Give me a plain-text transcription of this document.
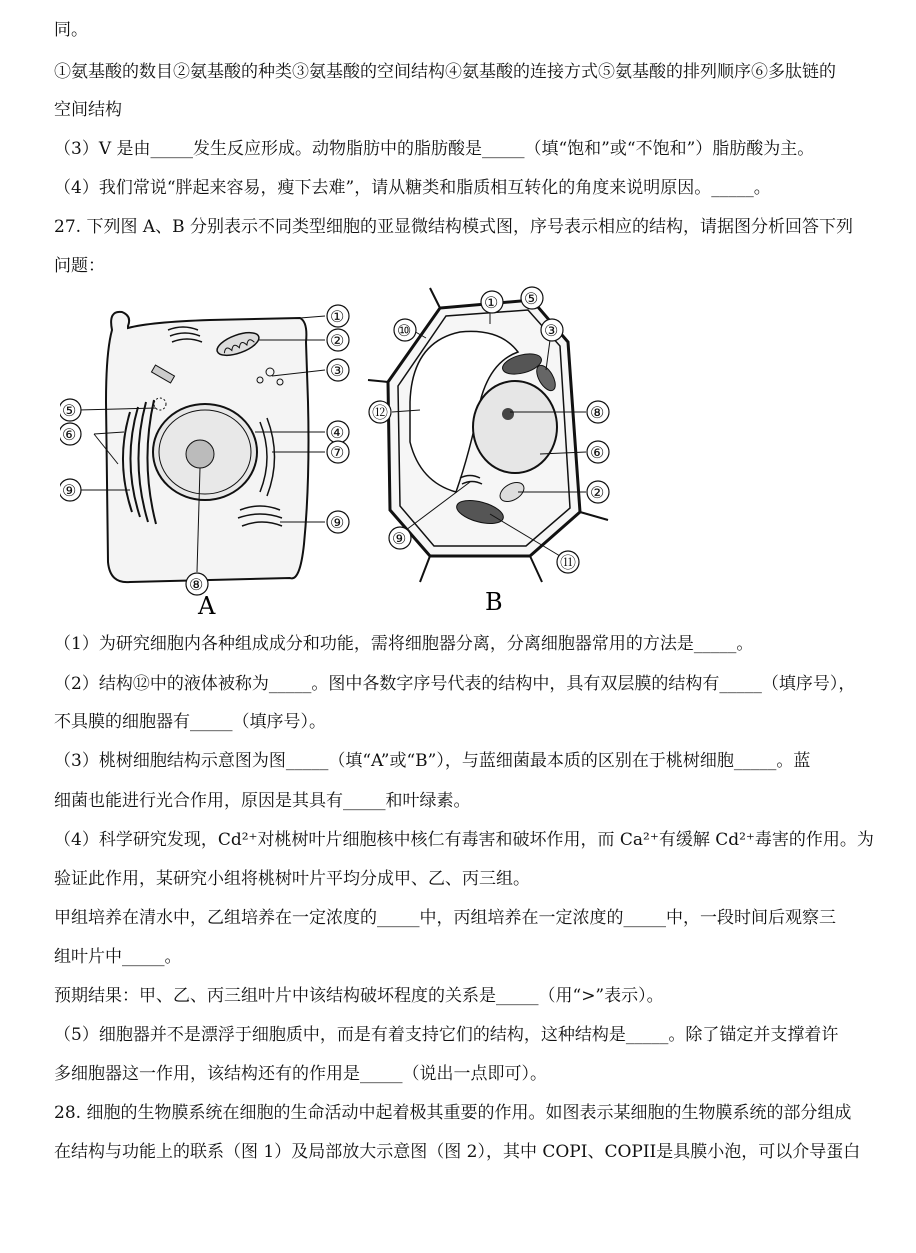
同。
①氨基酸的数目②氨基酸的种类③氨基酸的空间结构④氨基酸的连接方式⑤氨基酸的排列顺序⑥多肽链的
空间结构
（3）V 是由_____发生反应形成。动物脂肪中的脂肪酸是_____（填“饱和”或“不饱和”）脂肪酸为主。
（4）我们常说“胖起来容易，瘦下去难”，请从糖类和脂质相互转化的角度来说明原因。_____。
27. 下列图 A、B 分别表示不同类型细胞的亚显微结构模式图，序号表示相应的结构，请据图分析回答下列
问题：
①
②
③
⑤
⑥
⑨
④
⑦
⑨
⑧
A
① ⑤
③
⑩
⑫	⑧
⑥
②
⑨
⑪
B
（1）为研究细胞内各种组成成分和功能，需将细胞器分离，分离细胞器常用的方法是_____。
（2）结构⑫中的液体被称为_____。图中各数字序号代表的结构中，具有双层膜的结构有_____（填序号），
不具膜的细胞器有_____（填序号）。
（3）桃树细胞结构示意图为图_____（填“A”或“B”），与蓝细菌最本质的区别在于桃树细胞_____。蓝
细菌也能进行光合作用，原因是其具有_____和叶绿素。
（4）科学研究发现，Cd²⁺对桃树叶片细胞核中核仁有毒害和破坏作用，而 Ca²⁺有缓解 Cd²⁺毒害的作用。为
验证此作用，某研究小组将桃树叶片平均分成甲、乙、丙三组。
甲组培养在清水中，乙组培养在一定浓度的_____中，丙组培养在一定浓度的_____中，一段时间后观察三
组叶片中_____。
预期结果：甲、乙、丙三组叶片中该结构破坏程度的关系是_____（用“>”表示）。
（5）细胞器并不是漂浮于细胞质中，而是有着支持它们的结构，这种结构是_____。除了锚定并支撑着许
多细胞器这一作用，该结构还有的作用是_____（说出一点即可）。
28. 细胞的生物膜系统在细胞的生命活动中起着极其重要的作用。如图表示某细胞的生物膜系统的部分组成
在结构与功能上的联系（图 1）及局部放大示意图（图 2），其中 COPI、COPII是具膜小泡，可以介导蛋白
